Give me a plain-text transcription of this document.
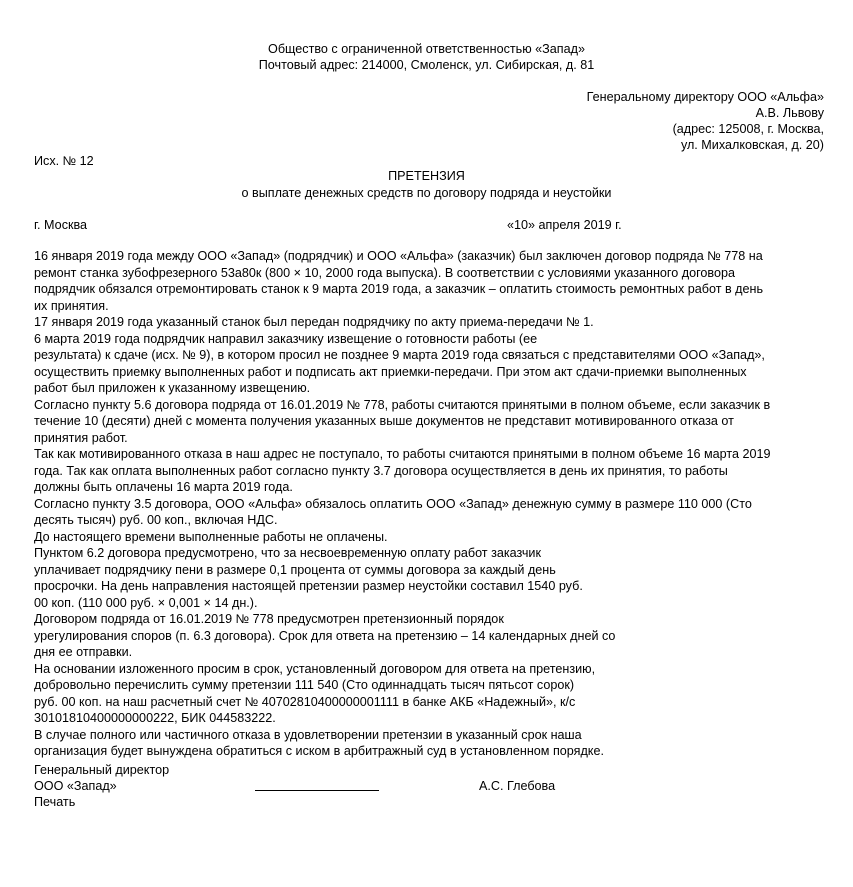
Общество с ограниченной ответственностью «Запад»
Почтовый адрес: 214000, Смоленск, ул. Сибирская, д. 81
Генеральному директору ООО «Альфа»
А.В. Львову
(адрес: 125008, г. Москва,
ул. Михалковская, д. 20)
Исх. № 12
ПРЕТЕНЗИЯ
о выплате денежных средств по договору подряда и неустойки
г. Москва	«10» апреля 2019 г.
16 января 2019 года между ООО «Запад» (подрядчик) и ООО «Альфа» (заказчик) был заключен договор подряда № 778 на
ремонт станка зубофрезерного 53а80к (800 × 10, 2000 года выпуска). В соответствии с условиями указанного договора
подрядчик обязался отремонтировать станок к 9 марта 2019 года, а заказчик – оплатить стоимость ремонтных работ в день
их принятия.
17 января 2019 года указанный станок был передан подрядчику по акту приема-передачи № 1.
6 марта 2019 года подрядчик направил заказчику извещение о готовности работы (ее
результата) к сдаче (исх. № 9), в котором просил не позднее 9 марта 2019 года связаться с представителями ООО «Запад»,
осуществить приемку выполненных работ и подписать акт приемки-передачи. При этом акт сдачи-приемки выполненных
работ был приложен к указанному извещению.
Согласно пункту 5.6 договора подряда от 16.01.2019 № 778, работы считаются принятыми в полном объеме, если заказчик в
течение 10 (десяти) дней с момента получения указанных выше документов не представит мотивированного отказа от
принятия работ.
Так как мотивированного отказа в наш адрес не поступало, то работы считаются принятыми в полном объеме 16 марта 2019
года. Так как оплата выполненных работ согласно пункту 3.7 договора осуществляется в день их принятия, то работы
должны быть оплачены 16 марта 2019 года.
Согласно пункту 3.5 договора, ООО «Альфа» обязалось оплатить ООО «Запад» денежную сумму в размере 110 000 (Сто
десять тысяч) руб. 00 коп., включая НДС.
До настоящего времени выполненные работы не оплачены.
Пунктом 6.2 договора предусмотрено, что за несвоевременную оплату работ заказчик
уплачивает подрядчику пени в размере 0,1 процента от суммы договора за каждый день
просрочки. На день направления настоящей претензии размер неустойки составил 1540 руб.
00 коп. (110 000 руб. × 0,001 × 14 дн.).
Договором подряда от 16.01.2019 № 778 предусмотрен претензионный порядок
урегулирования споров (п. 6.3 договора). Срок для ответа на претензию – 14 календарных дней со
дня ее отправки.
На основании изложенного просим в срок, установленный договором для ответа на претензию,
добровольно перечислить сумму претензии 111 540 (Сто одиннадцать тысяч пятьсот сорок)
руб. 00 коп. на наш расчетный счет № 40702810400000001111 в банке АКБ «Надежный», к/с
30101810400000000222, БИК 044583222.
В случае полного или частичного отказа в удовлетворении претензии в указанный срок наша
организация будет вынуждена обратиться с иском в арбитражный суд в установленном порядке.
Генеральный директор
ООО «Запад»	А.С. Глебова
Печать
